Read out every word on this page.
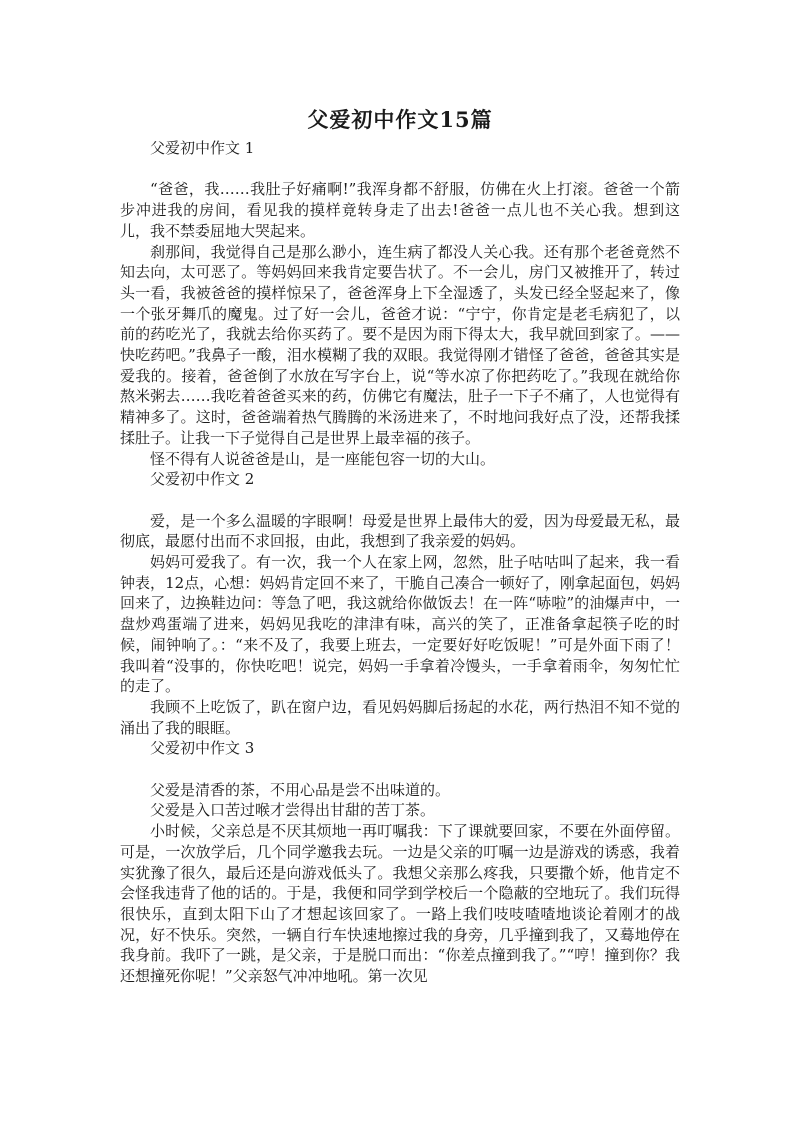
父爱初中作文15篇
父爱初中作文 1

“爸爸，我……我肚子好痛啊!”我浑身都不舒服，仿佛在火上打滚。爸爸一个箭步冲进我的房间，看见我的摸样竟转身走了出去!爸爸一点儿也不关心我。想到这儿，我不禁委屈地大哭起来。

刹那间，我觉得自己是那么渺小，连生病了都没人关心我。还有那个老爸竟然不知去向，太可恶了。等妈妈回来我肯定要告状了。不一会儿，房门又被推开了，转过头一看，我被爸爸的摸样惊呆了，爸爸浑身上下全湿透了，头发已经全竖起来了，像一个张牙舞爪的魔鬼。过了好一会儿，爸爸才说：“宁宁，你肯定是老毛病犯了，以前的药吃光了，我就去给你买药了。要不是因为雨下得太大，我早就回到家了。——快吃药吧。”我鼻子一酸，泪水模糊了我的双眼。我觉得刚才错怪了爸爸，爸爸其实是爱我的。接着，爸爸倒了水放在写字台上，说“等水凉了你把药吃了。”我现在就给你熬米粥去……我吃着爸爸买来的药，仿佛它有魔法，肚子一下子不痛了，人也觉得有精神多了。这时，爸爸端着热气腾腾的米汤进来了，不时地问我好点了没，还帮我揉揉肚子。让我一下子觉得自己是世界上最幸福的孩子。

怪不得有人说爸爸是山，是一座能包容一切的大山。

父爱初中作文 2

爱，是一个多么温暖的字眼啊！母爱是世界上最伟大的爱，因为母爱最无私，最彻底，最愿付出而不求回报，由此，我想到了我亲爱的妈妈。

妈妈可爱我了。有一次，我一个人在家上网，忽然，肚子咕咕叫了起来，我一看钟表，12点，心想：妈妈肯定回不来了，干脆自己凑合一顿好了，刚拿起面包，妈妈回来了，边换鞋边问：等急了吧，我这就给你做饭去！在一阵“哧啦”的油爆声中，一盘炒鸡蛋端了进来，妈妈见我吃的津津有味，高兴的笑了，正准备拿起筷子吃的时候，闹钟响了。：“来不及了，我要上班去，一定要好好吃饭呢！”可是外面下雨了！我叫着“没事的，你快吃吧！说完，妈妈一手拿着冷馒头，一手拿着雨伞，匆匆忙忙的走了。

我顾不上吃饭了，趴在窗户边，看见妈妈脚后扬起的水花，两行热泪不知不觉的涌出了我的眼眶。

父爱初中作文 3

父爱是清香的茶，不用心品是尝不出味道的。

父爱是入口苦过喉才尝得出甘甜的苦丁茶。

小时候，父亲总是不厌其烦地一再叮嘱我：下了课就要回家，不要在外面停留。可是，一次放学后，几个同学邀我去玩。一边是父亲的叮嘱一边是游戏的诱惑，我着实犹豫了很久，最后还是向游戏低头了。我想父亲那么疼我，只要撒个娇，他肯定不会怪我违背了他的话的。于是，我便和同学到学校后一个隐蔽的空地玩了。我们玩得很快乐，直到太阳下山了才想起该回家了。一路上我们吱吱喳喳地谈论着刚才的战况，好不快乐。突然，一辆自行车快速地擦过我的身旁，几乎撞到我了，又蓦地停在我身前。我吓了一跳，是父亲，于是脱口而出：“你差点撞到我了。”“哼！撞到你？我还想撞死你呢！”父亲怒气冲冲地吼。第一次见
